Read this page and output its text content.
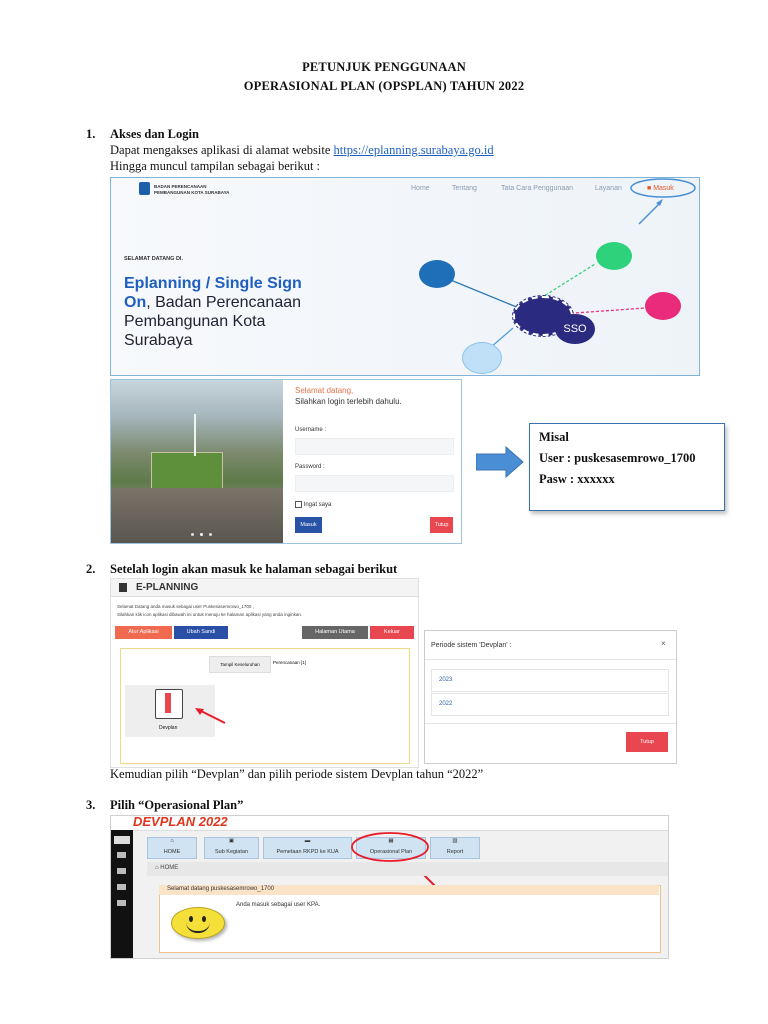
PETUNJUK PENGGUNAAN
OPERASIONAL PLAN (OPSPLAN) TAHUN 2022
1. Akses dan Login
Dapat mengakses aplikasi di alamat website https://eplanning.surabaya.go.id
Hingga muncul tampilan sebagai berikut :
BADAN PERENCANAAN
PEMBANGUNAN KOTA SURABAYA	Home	Tentang	Tata Cara Penggunaan	Layanan	■ Masuk
SSO
SELAMAT DATANG DI.
Eplanning / Single Sign
On, Badan Perencanaan
Pembangunan Kota
Surabaya
Selamat datang,
Silahkan login terlebih dahulu.
Username :
Password :
Ingat saya
Masuk	Tutup
Misal
User : puskesasemrowo_1700
Pasw : xxxxxx
2. Setelah login akan masuk ke halaman sebagai berikut
E-PLANNING
Selamat Datang anda masuk sebagai user Puskesasemrowo_1700 ,
Silahkan klik icon aplikasi dibawah ini untuk menuju ke halaman aplikasi yang anda inginkan.
Atur Aplikasi	Ubah Sandi	Halaman Utama	Keluar
Tampil Keseluruhan	Perencanaan [1]
Devplan
Periode sistem 'Devplan' :	×
2023
2022
Tutup
Kemudian pilih “Devplan” dan pilih periode sistem Devplan tahun “2022”
3. Pilih “Operasional Plan”
DEVPLAN 2022
⌂
HOME
▣
Sub Kegiatan
▬
Pemetaan RKPD ke KUA
▦
Operasional Plan
▧
Report
⌂ HOME
Selamat datang puskesasemrowo_1700
Anda masuk sebagai user KPA.
